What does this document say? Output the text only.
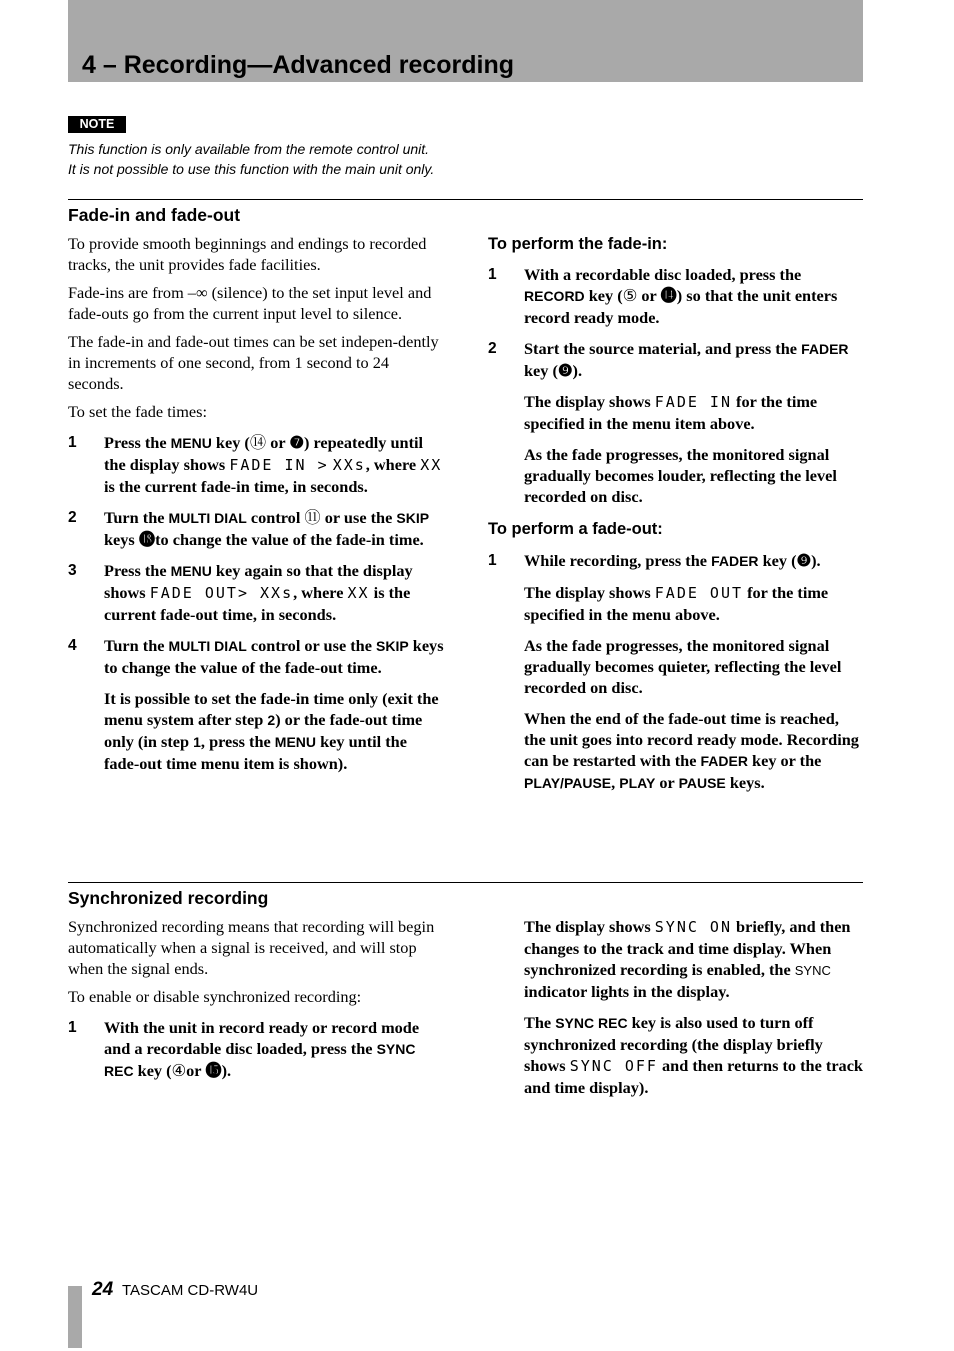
4 – Recording—Advanced recording
NOTE
This function is only available from the remote control unit.
It is not possible to use this function with the main unit only.
Fade-in and fade-out

To provide smooth beginnings and endings to recorded tracks, the unit provides fade facilities.

Fade-ins are from –∞ (silence) to the set input level and fade-outs go from the current input level to silence.

The fade-in and fade-out times can be set indepen-dently in increments of one second, from 1 second to 24 seconds.

To set the fade times:

1 Press the MENU key (⑭ or ❼) repeatedly until the display shows FADE IN > XXs, where XX is the current fade-in time, in seconds.
2 Turn the MULTI DIAL control ⑪ or use the SKIP keys ⓲to change the value of the fade-in time.
3 Press the MENU key again so that the display shows FADE OUT> XXs, where XX is the current fade-out time, in seconds.
4 Turn the MULTI DIAL control or use the SKIP keys to change the value of the fade-out time.
It is possible to set the fade-in time only (exit the menu system after step 2) or the fade-out time only (in step 1, press the MENU key until the fade-out time menu item is shown).
To perform the fade-in:
1 With a recordable disc loaded, press the RECORD key (⑤ or ⓮) so that the unit enters record ready mode.
2 Start the source material, and press the FADER key (❾).
The display shows FADE IN for the time specified in the menu item above.
As the fade progresses, the monitored signal gradually becomes louder, reflecting the level recorded on disc.
To perform a fade-out:
1 While recording, press the FADER key (❾).
The display shows FADE OUT for the time specified in the menu above.
As the fade progresses, the monitored signal gradually becomes quieter, reflecting the level recorded on disc.
When the end of the fade-out time is reached, the unit goes into record ready mode. Recording can be restarted with the FADER key or the PLAY/PAUSE, PLAY or PAUSE keys.
Synchronized recording

Synchronized recording means that recording will begin automatically when a signal is received, and will stop when the signal ends.

To enable or disable synchronized recording:

1 With the unit in record ready or record mode and a recordable disc loaded, press the SYNC REC key (④or ⓯).
The display shows SYNC ON briefly, and then changes to the track and time display. When synchronized recording is enabled, the SYNC indicator lights in the display.
The SYNC REC key is also used to turn off synchronized recording (the display briefly shows SYNC OFF and then returns to the track and time display).
24 TASCAM CD-RW4U
